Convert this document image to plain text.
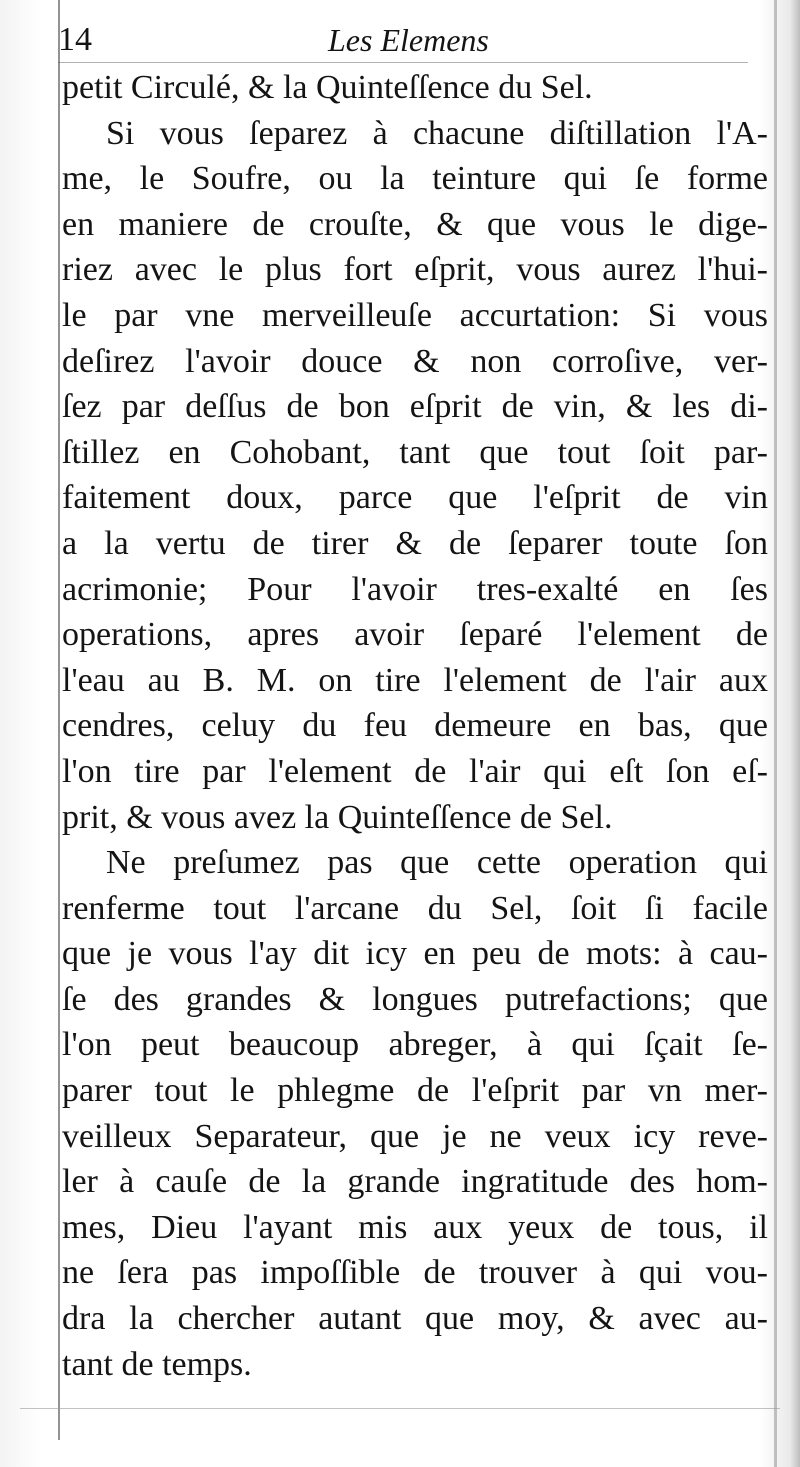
14	Les Elemens
petit Circulé, & la Quinteſſence du Sel.
Si vous ſeparez à chacune diſtillation l'A-
me, le Soufre, ou la teinture qui ſe forme
en maniere de crouſte, & que vous le dige-
riez avec le plus fort eſprit, vous aurez l'hui-
le par vne merveilleuſe accurtation: Si vous
deſirez l'avoir douce & non corroſive, ver-
ſez par deſſus de bon eſprit de vin, & les di-
ſtillez en Cohobant, tant que tout ſoit par-
faitement doux, parce que l'eſprit de vin
a la vertu de tirer & de ſeparer toute ſon
acrimonie; Pour l'avoir tres-exalté en ſes
operations, apres avoir ſeparé l'element de
l'eau au B. M. on tire l'element de l'air aux
cendres, celuy du feu demeure en bas, que
l'on tire par l'element de l'air qui eſt ſon eſ-
prit, & vous avez la Quinteſſence de Sel.
Ne preſumez pas que cette operation qui
renferme tout l'arcane du Sel, ſoit ſi facile
que je vous l'ay dit icy en peu de mots: à cau-
ſe des grandes & longues putrefactions; que
l'on peut beaucoup abreger, à qui ſçait ſe-
parer tout le phlegme de l'eſprit par vn mer-
veilleux Separateur, que je ne veux icy reve-
ler à cauſe de la grande ingratitude des hom-
mes, Dieu l'ayant mis aux yeux de tous, il
ne ſera pas impoſſible de trouver à qui vou-
dra la chercher autant que moy, & avec au-
tant de temps.
